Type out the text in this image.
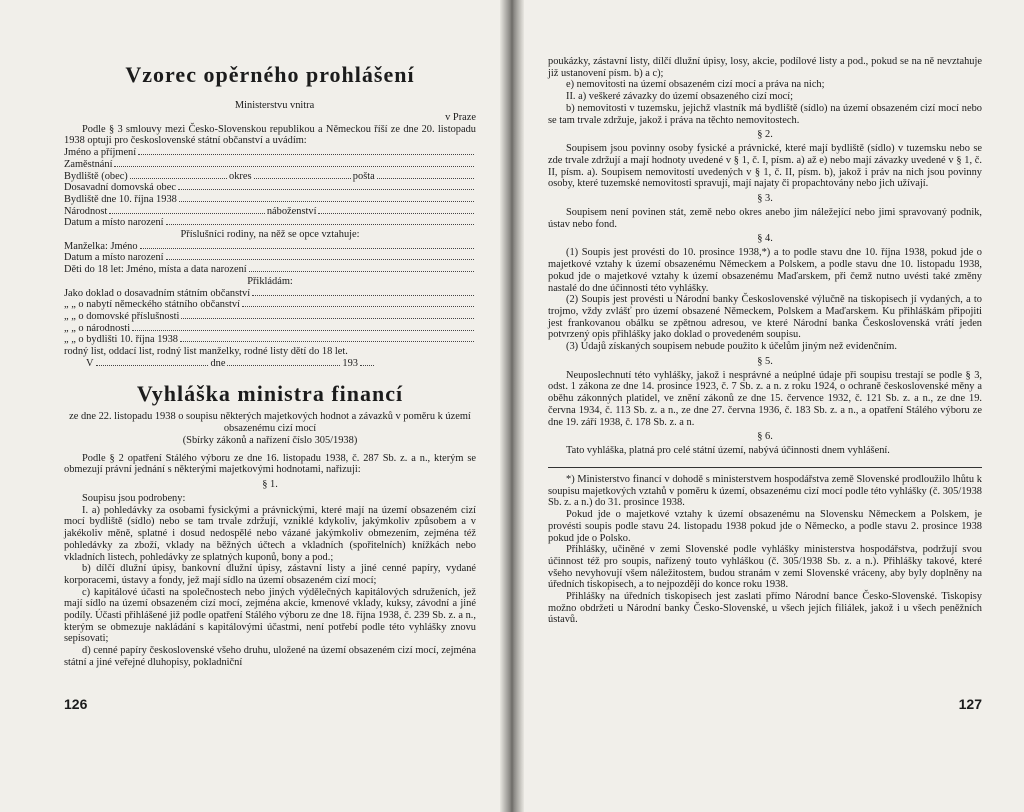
Vzorec opěrného prohlášení
Ministerstvu vnitra
v Praze

Podle § 3 smlouvy mezi Česko-Slovenskou republikou a Německou říší ze dne 20. listopadu 1938 optuji pro československé státní občanství a uvádím:

Jméno a příjmení
Zaměstnání
Bydliště (obec)	okres	pošta
Dosavadní domovská obec
Bydliště dne 10. října 1938
Národnost	náboženství
Datum a místo narození

Příslušníci rodiny, na něž se opce vztahuje:

Manželka: Jméno
Datum a místo narození
Děti do 18 let: Jméno, místa a data narození

Přikládám:

Jako doklad o dosavadním státním občanství
„ „ o nabytí německého státního občanství
„ „ o domovské příslušnosti
„ „ o národnosti
„ „ o bydlišti 10. října 1938

rodný list, oddací list, rodný list manželky, rodné listy dětí do 18 let.

V	dne	193
Vyhláška ministra financí

ze dne 22. listopadu 1938 o soupisu některých majetkových hodnot a závazků v poměru k území obsazenému cizí mocí

(Sbírky zákonů a nařízení číslo 305/1938)

Podle § 2 opatření Stálého výboru ze dne 16. listopadu 1938, č. 287 Sb. z. a n., kterým se obmezují právní jednání s některými majetkovými hodnotami, nařizuji:

§ 1.

Soupisu jsou podrobeny:

I. a) pohledávky za osobami fysickými a právnickými, které mají na území obsazeném cizí mocí bydliště (sídlo) nebo se tam trvale zdržují, vzniklé kdykoliv, jakýmkoliv způsobem a v jakékoliv měně, splatné i dosud nedospělé nebo vázané jakýmkoliv obmezením, zejména též pohledávky za zboží, vklady na běžných účtech a vkladních (spořitelních) knížkách nebo vkladních listech, pohledávky ze splatných kuponů, bony a pod.;

b) dílčí dlužní úpisy, bankovní dlužní úpisy, zástavní listy a jiné cenné papíry, vydané korporacemi, ústavy a fondy, jež mají sídlo na území obsazeném cizí mocí;

c) kapitálové účasti na společnostech nebo jiných výdělečných kapitálových sdruženích, jež mají sídlo na území obsazeném cizí mocí, zejména akcie, kmenové vklady, kuksy, závodní a jiné podíly. Účasti přihlášené již podle opatření Stálého výboru ze dne 18. října 1938, č. 239 Sb. z. a n., kterým se obmezuje nakládání s kapitálovými účastmi, není potřebí podle této vyhlášky znovu sepisovati;

d) cenné papíry československé všeho druhu, uložené na území obsazeném cizí mocí, zejména státní a jiné veřejné dluhopisy, pokladniční

126

poukázky, zástavní listy, dílčí dlužní úpisy, losy, akcie, podílové listy a pod., pokud se na ně nevztahuje již ustanovení písm. b) a c);

e) nemovitosti na území obsazeném cizí mocí a práva na nich;

II. a) veškeré závazky do území obsazeného cizí mocí;

b) nemovitosti v tuzemsku, jejichž vlastník má bydliště (sídlo) na území obsazeném cizí mocí nebo se tam trvale zdržuje, jakož i práva na těchto nemovitostech.

§ 2.

Soupisem jsou povinny osoby fysické a právnické, které mají bydliště (sídlo) v tuzemsku nebo se zde trvale zdržují a mají hodnoty uvedené v § 1, č. I, písm. a) až e) nebo mají závazky uvedené v § 1, č. II, písm. a). Soupisem nemovitostí uvedených v § 1, č. II, písm. b), jakož i práv na nich jsou povinny osoby, které tuzemské nemovitosti spravují, mají najaty či propachtovány nebo jich užívají.

§ 3.

Soupisem není povinen stát, země nebo okres anebo jim náležející nebo jimi spravovaný podnik, ústav nebo fond.

§ 4.

(1) Soupis jest provésti do 10. prosince 1938,*) a to podle stavu dne 10. října 1938, pokud jde o majetkové vztahy k území obsazenému Německem a Polskem, a podle stavu dne 10. listopadu 1938, pokud jde o majetkové vztahy k území obsazenému Maďarskem, při čemž nutno uvésti také změny nastalé do dne účinnosti této vyhlášky.

(2) Soupis jest provésti u Národní banky Československé výlučně na tiskopisech jí vydaných, a to trojmo, vždy zvlášť pro území obsazené Německem, Polskem a Maďarskem. Ku přihláškám připojiti jest frankovanou obálku se zpětnou adresou, ve které Národní banka Československá vrátí jeden potvrzený opis přihlášky jako doklad o provedeném soupisu.

(3) Údajů získaných soupisem nebude použito k účelům jiným než evidenčním.

§ 5.

Neuposlechnutí této vyhlášky, jakož i nesprávné a neúplné údaje při soupisu trestají se podle § 3, odst. 1 zákona ze dne 14. prosince 1923, č. 7 Sb. z. a n. z roku 1924, o ochraně československé měny a oběhu zákonných platidel, ve znění zákonů ze dne 15. července 1932, č. 121 Sb. z. a n., ze dne 19. června 1934, č. 113 Sb. z. a n., ze dne 27. června 1936, č. 183 Sb. z. a n., a opatření Stálého výboru ze dne 19. září 1938, č. 178 Sb. z. a n.

§ 6.

Tato vyhláška, platná pro celé státní území, nabývá účinnosti dnem vyhlášení.

*) Ministerstvo financí v dohodě s ministerstvem hospodářstva země Slovenské prodloužilo lhůtu k soupisu majetkových vztahů v poměru k území, obsazenému cizí mocí podle této vyhlášky (č. 305/1938 Sb. z. a n.) do 31. prosince 1938.

Pokud jde o majetkové vztahy k území obsazenému na Slovensku Německem a Polskem, je provésti soupis podle stavu 24. listopadu 1938 pokud jde o Německo, a podle stavu 2. prosince 1938 pokud jde o Polsko.

Přihlášky, učiněné v zemi Slovenské podle vyhlášky ministerstva hospodářstva, podržují svou účinnost též pro soupis, nařízený touto vyhláškou (č. 305/1938 Sb. z. a n.). Přihlášky takové, které všeho nevyhovují všem náležitostem, budou stranám v zemi Slovenské vráceny, aby byly doplněny na úředních tiskopisech, a to nejpozději do konce roku 1938.

Přihlášky na úředních tiskopisech jest zaslati přímo Národní bance Česko-Slovenské. Tiskopisy možno obdržeti u Národní banky Česko-Slovenské, u všech jejích filiálek, jakož i u všech peněžních ústavů.

127
